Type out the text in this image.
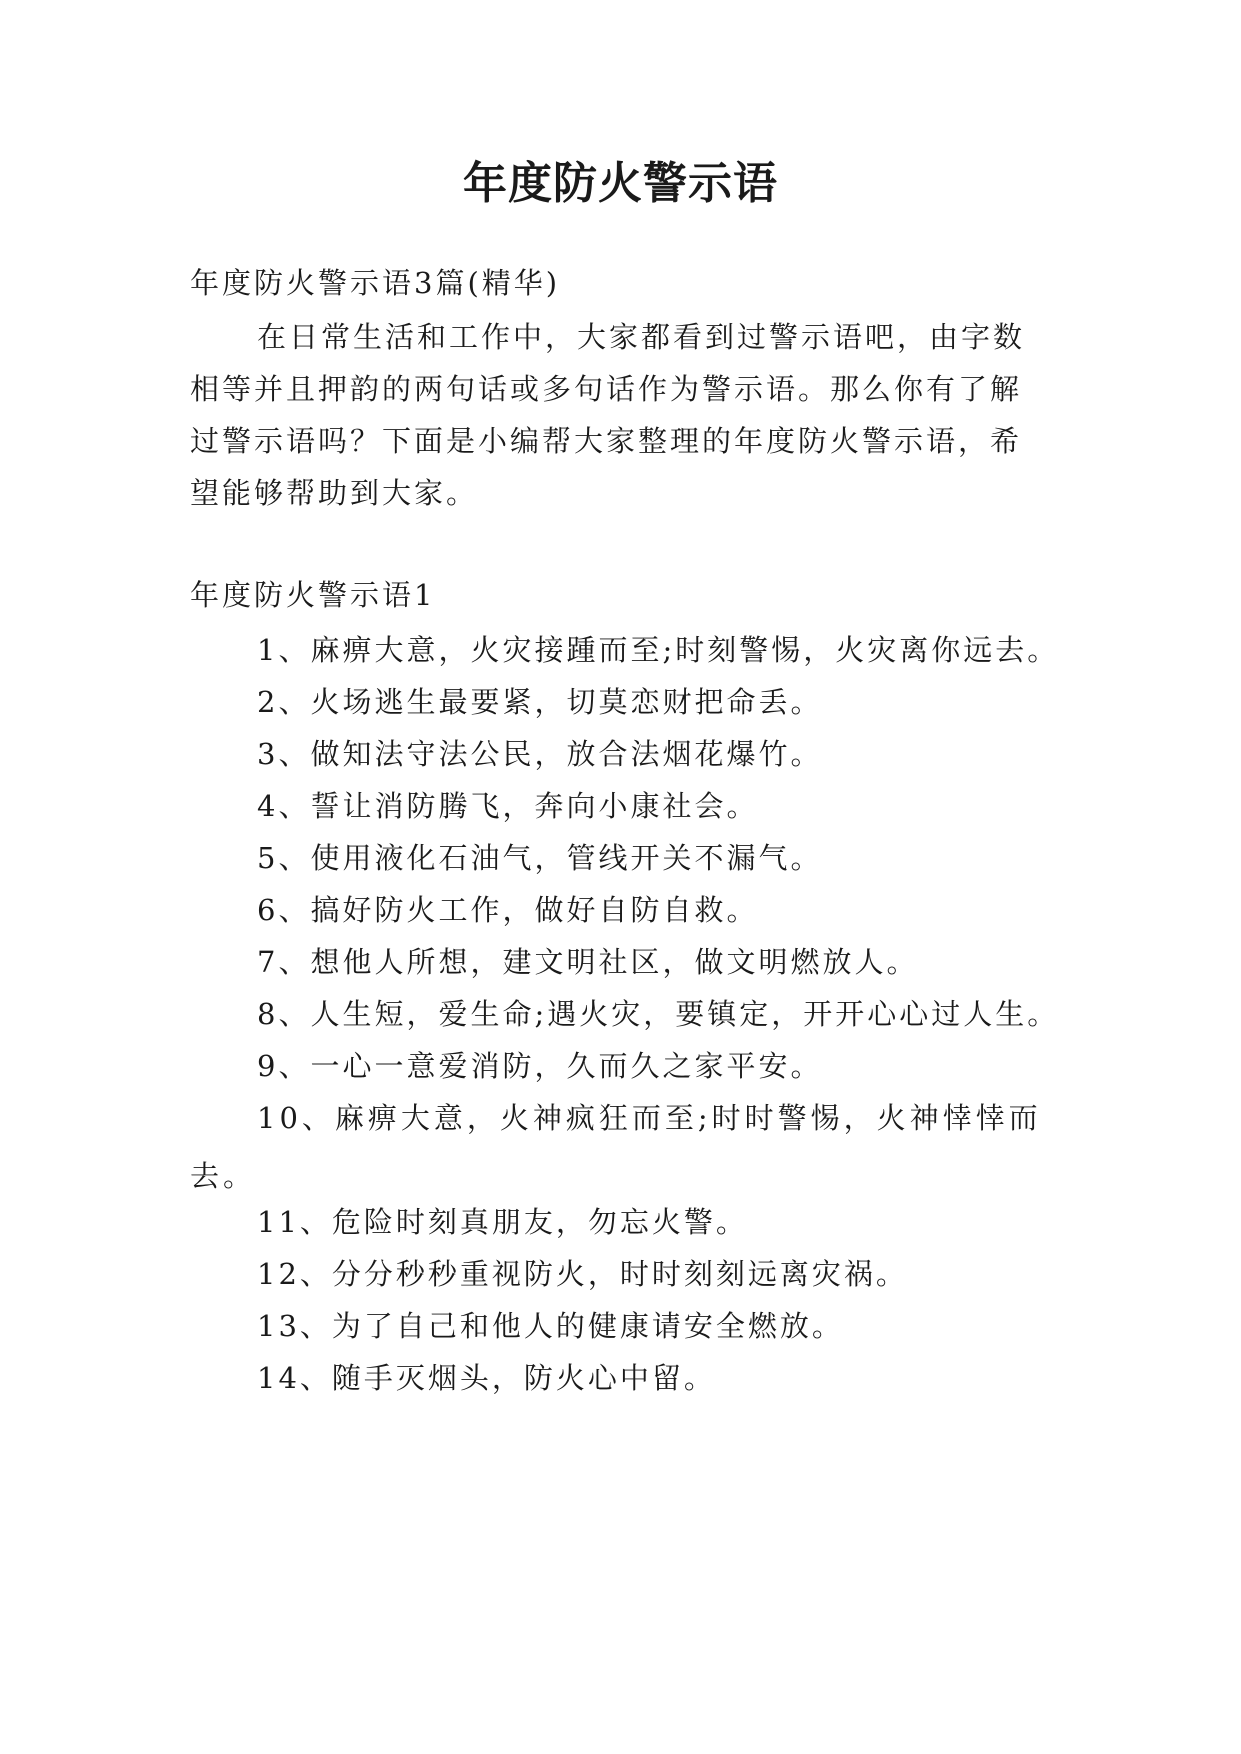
年度防火警示语
年度防火警示语3篇(精华)
在日常生活和工作中，大家都看到过警示语吧，由字数
相等并且押韵的两句话或多句话作为警示语。那么你有了解
过警示语吗？下面是小编帮大家整理的年度防火警示语，希
望能够帮助到大家。
年度防火警示语1
1、麻痹大意，火灾接踵而至;时刻警惕，火灾离你远去。
2、火场逃生最要紧，切莫恋财把命丢。
3、做知法守法公民，放合法烟花爆竹。
4、誓让消防腾飞，奔向小康社会。
5、使用液化石油气，管线开关不漏气。
6、搞好防火工作，做好自防自救。
7、想他人所想，建文明社区，做文明燃放人。
8、人生短，爱生命;遇火灾，要镇定，开开心心过人生。
9、一心一意爱消防，久而久之家平安。
10、麻痹大意，火神疯狂而至;时时警惕，火神悻悻而去。
11、危险时刻真朋友，勿忘火警。
12、分分秒秒重视防火，时时刻刻远离灾祸。
13、为了自己和他人的健康请安全燃放。
14、随手灭烟头，防火心中留。
